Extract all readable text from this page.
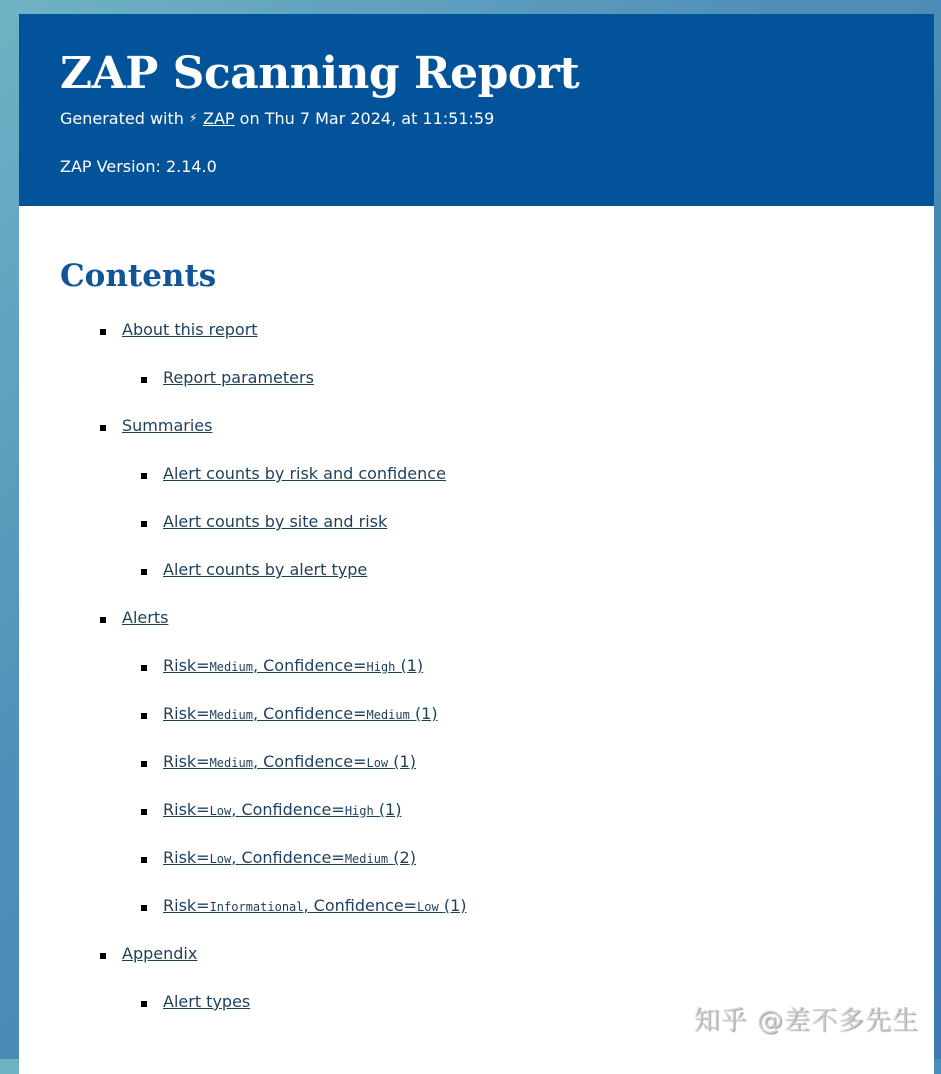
ZAP Scanning Report
Generated with ⚡ ZAP on Thu 7 Mar 2024, at 11:51:59
ZAP Version: 2.14.0
Contents
About this report
Report parameters
Summaries
Alert counts by risk and confidence
Alert counts by site and risk
Alert counts by alert type
Alerts
Risk=Medium, Confidence=High (1)
Risk=Medium, Confidence=Medium (1)
Risk=Medium, Confidence=Low (1)
Risk=Low, Confidence=High (1)
Risk=Low, Confidence=Medium (2)
Risk=Informational, Confidence=Low (1)
Appendix
Alert types
知乎 @差不多先生
